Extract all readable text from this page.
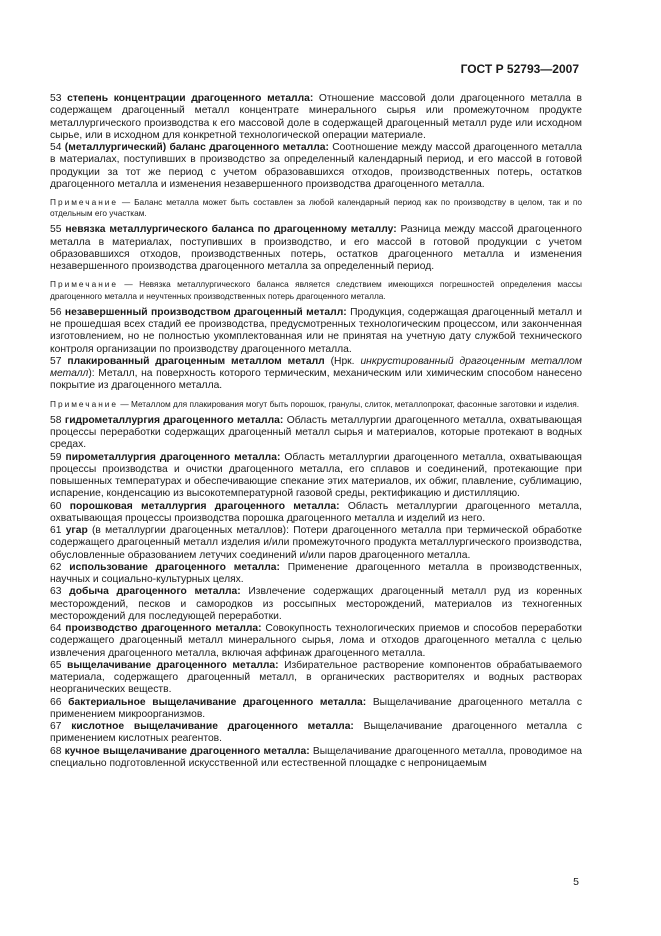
ГОСТ Р 52793—2007

53 степень концентрации драгоценного металла: Отношение массовой доли драгоценного металла в содержащем драгоценный металл концентрате минерального сырья или промежуточном продукте металлургического производства к его массовой доле в содержащей драгоценный металл руде или исходном сырье, или в исходном для конкретной технологической операции материале.

54 (металлургический) баланс драгоценного металла: Соотношение между массой драгоценного металла в материалах, поступивших в производство за определенный календарный период, и его массой в готовой продукции за тот же период с учетом образовавшихся отходов, производственных потерь, остатков драгоценного металла и изменения незавершенного производства драгоценного металла.

Примечание — Баланс металла может быть составлен за любой календарный период как по производству в целом, так и по отдельным его участкам.

55 невязка металлургического баланса по драгоценному металлу: Разница между массой драгоценного металла в материалах, поступивших в производство, и его массой в готовой продукции с учетом образовавшихся отходов, производственных потерь, остатков драгоценного металла и изменения незавершенного производства драгоценного металла за определенный период.

Примечание — Невязка металлургического баланса является следствием имеющихся погрешностей определения массы драгоценного металла и неучтенных производственных потерь драгоценного металла.

56 незавершенный производством драгоценный металл: Продукция, содержащая драгоценный металл и не прошедшая всех стадий ее производства, предусмотренных технологическим процессом, или законченная изготовлением, но не полностью укомплектованная или не принятая на учетную дату службой технического контроля организации по производству драгоценного металла.

57 плакированный драгоценным металлом металл (Нрк. инкрустированный драгоценным металлом металл): Металл, на поверхность которого термическим, механическим или химическим способом нанесено покрытие из драгоценного металла.

Примечание — Металлом для плакирования могут быть порошок, гранулы, слиток, металлопрокат, фасонные заготовки и изделия.

58 гидрометаллургия драгоценного металла: Область металлургии драгоценного металла, охватывающая процессы переработки содержащих драгоценный металл сырья и материалов, которые протекают в водных средах.

59 пирометаллургия драгоценного металла: Область металлургии драгоценного металла, охватывающая процессы производства и очистки драгоценного металла, его сплавов и соединений, протекающие при повышенных температурах и обеспечивающие спекание этих материалов, их обжиг, плавление, сублимацию, испарение, конденсацию из высокотемпературной газовой среды, ректификацию и дистилляцию.

60 порошковая металлургия драгоценного металла: Область металлургии драгоценного металла, охватывающая процессы производства порошка драгоценного металла и изделий из него.

61 угар (в металлургии драгоценных металлов): Потери драгоценного металла при термической обработке содержащего драгоценный металл изделия и/или промежуточного продукта металлургического производства, обусловленные образованием летучих соединений и/или паров драгоценного металла.

62 использование драгоценного металла: Применение драгоценного металла в производственных, научных и социально-культурных целях.

63 добыча драгоценного металла: Извлечение содержащих драгоценный металл руд из коренных месторождений, песков и самородков из россыпных месторождений, материалов из техногенных месторождений для последующей переработки.

64 производство драгоценного металла: Совокупность технологических приемов и способов переработки содержащего драгоценный металл минерального сырья, лома и отходов драгоценного металла с целью извлечения драгоценного металла, включая аффинаж драгоценного металла.

65 выщелачивание драгоценного металла: Избирательное растворение компонентов обрабатываемого материала, содержащего драгоценный металл, в органических растворителях и водных растворах неорганических веществ.

66 бактериальное выщелачивание драгоценного металла: Выщелачивание драгоценного металла с применением микроорганизмов.

67 кислотное выщелачивание драгоценного металла: Выщелачивание драгоценного металла с применением кислотных реагентов.

68 кучное выщелачивание драгоценного металла: Выщелачивание драгоценного металла, проводимое на специально подготовленной искусственной или естественной площадке с непроницаемым

5
